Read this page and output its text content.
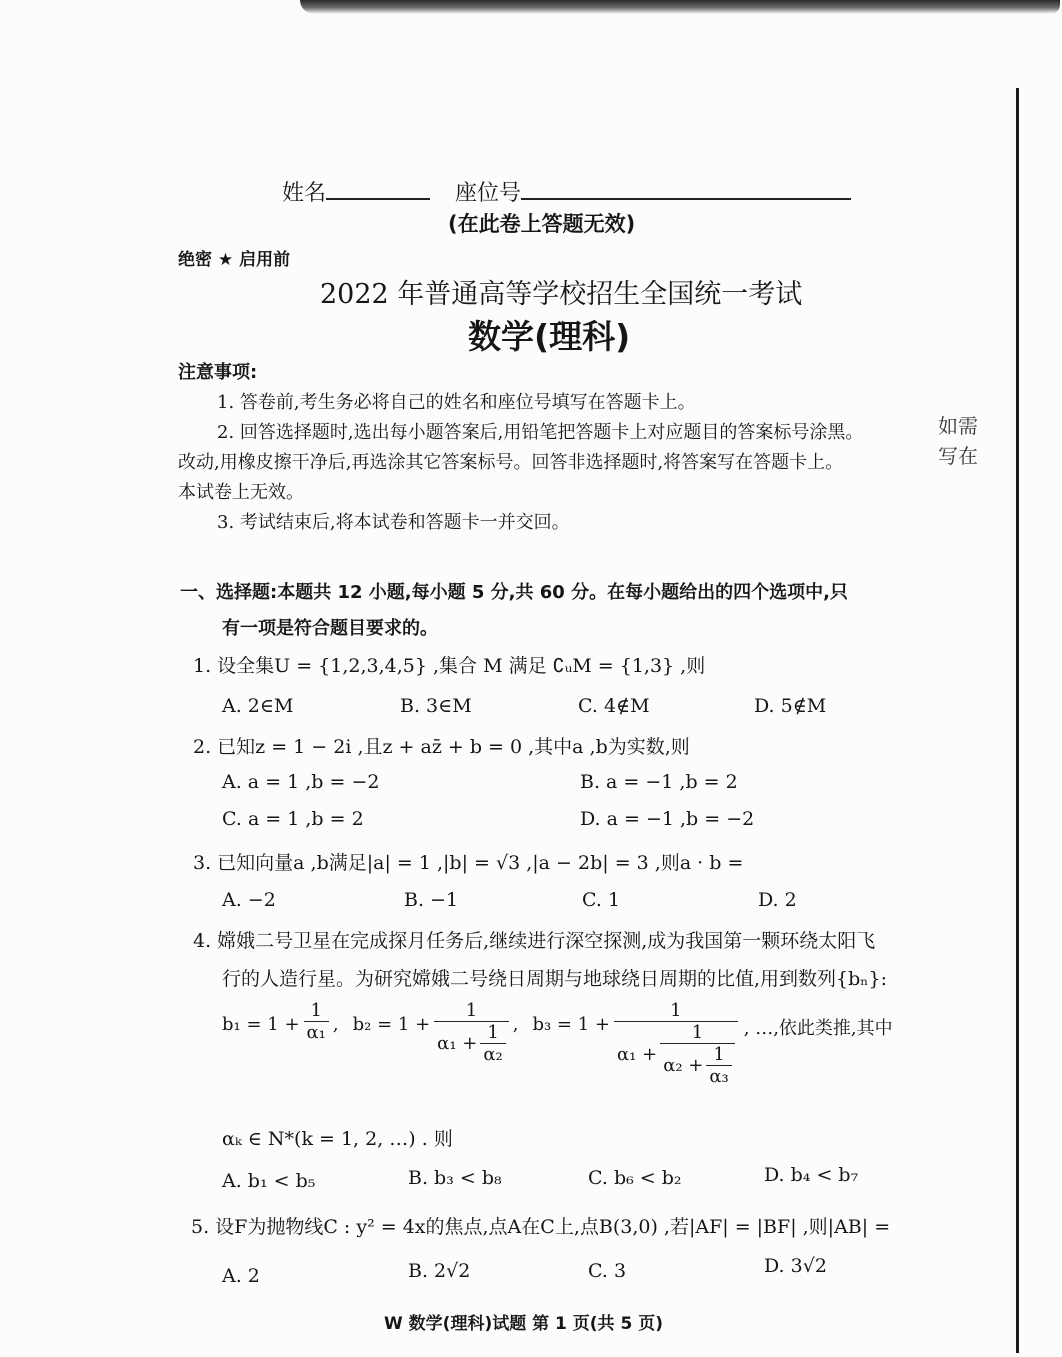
姓名	座位号
(在此卷上答题无效)
绝密 ★ 启用前
2022 年普通高等学校招生全国统一考试
数学(理科)
注意事项:
1. 答卷前,考生务必将自己的姓名和座位号填写在答题卡上。
2. 回答选择题时,选出每小题答案后,用铅笔把答题卡上对应题目的答案标号涂黑。
改动,用橡皮擦干净后,再选涂其它答案标号。回答非选择题时,将答案写在答题卡上。
本试卷上无效。
3. 考试结束后,将本试卷和答题卡一并交回。
如需
写在
一、选择题:本题共 12 小题,每小题 5 分,共 60 分。在每小题给出的四个选项中,只
有一项是符合题目要求的。
1. 设全集U = {1,2,3,4,5} ,集合 M 满足 ∁ᵤM = {1,3} ,则
A. 2∈M	B. 3∈M	C. 4∉M	D. 5∉M
2. 已知z = 1 − 2i ,且z + az̄ + b = 0 ,其中a ,b为实数,则
A. a = 1 ,b = −2	B. a = −1 ,b = 2
C. a = 1 ,b = 2	D. a = −1 ,b = −2
3. 已知向量a ,b满足|a| = 1 ,|b| = √3 ,|a − 2b| = 3 ,则a · b =
A. −2	B. −1	C. 1	D. 2
4. 嫦娥二号卫星在完成探月任务后,继续进行深空探测,成为我国第一颗环绕太阳飞
行的人造行星。为研究嫦娥二号绕日周期与地球绕日周期的比值,用到数列{bₙ}:
$b_1 = 1 + \frac{1}{\text{α₁}}$ , $b_2 = 1 + \frac{1}{\alpha_1 + \frac{1}{\text{α₂}}}$ , b₃ = 1 +
1
$\alpha_1 + \frac{1}{\alpha_2 + \frac{1}{\text{α₃}}}$ , …,依此类推,其中
αₖ ∈ N*(k = 1, 2, …) . 则
A. b₁ < b₅	B. b₃ < b₈	C. b₆ < b₂	D. b₄ < b₇
5. 设F为抛物线C : y² = 4x的焦点,点A在C上,点B(3,0) ,若|AF| = |BF| ,则|AB| =
A. 2	B. 2√2	C. 3	D. 3√2
W 数学(理科)试题 第 1 页(共 5 页)
